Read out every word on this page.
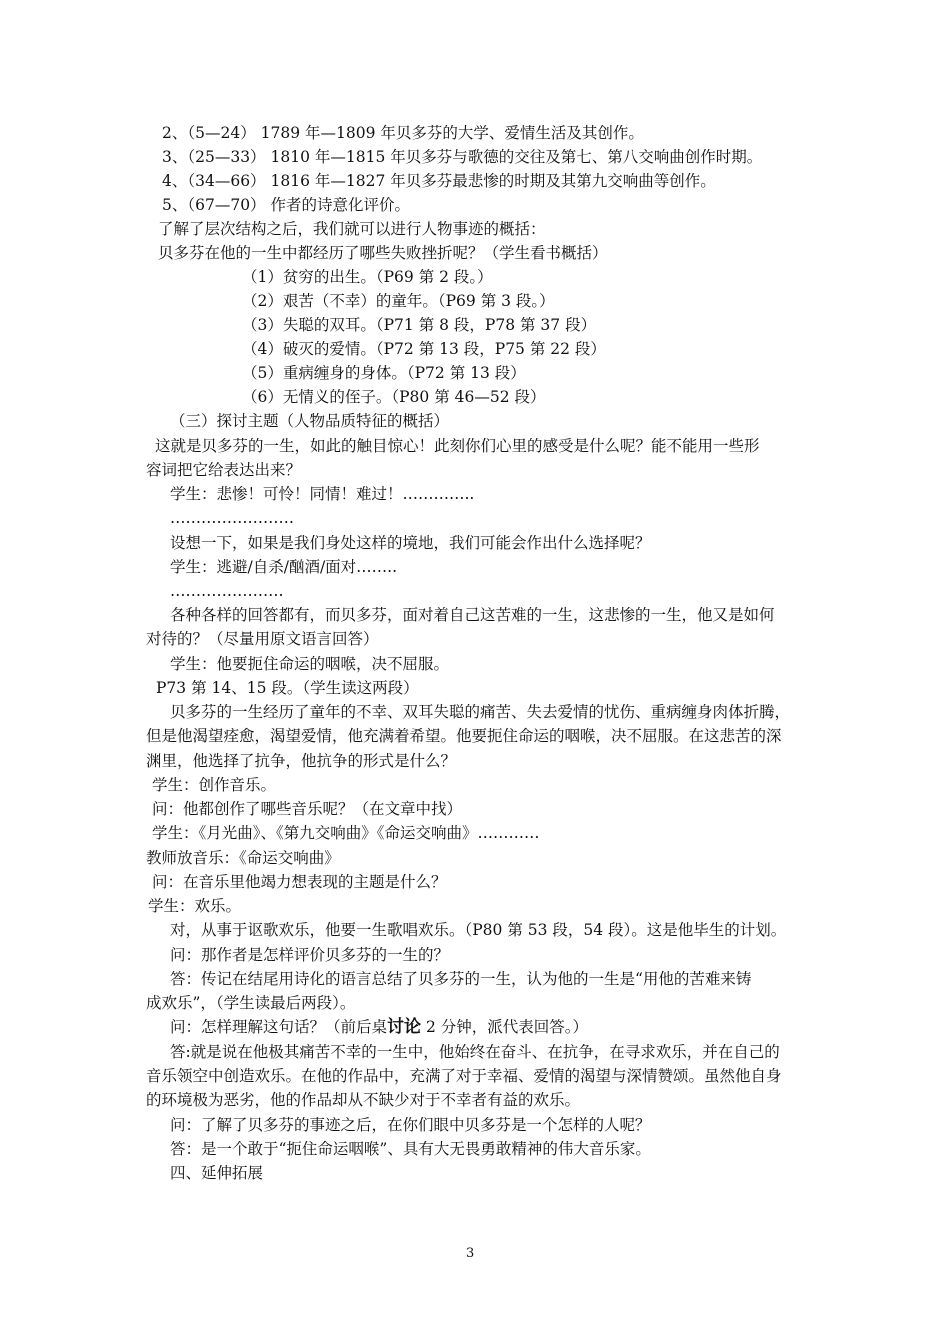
2、（5—24） 1789 年—1809 年贝多芬的大学、爱情生活及其创作。
3、（25—33） 1810 年—1815 年贝多芬与歌德的交往及第七、第八交响曲创作时期。
4、（34—66） 1816 年—1827 年贝多芬最悲惨的时期及其第九交响曲等创作。
5、（67—70） 作者的诗意化评价。
了解了层次结构之后，我们就可以进行人物事迹的概括：
贝多芬在他的一生中都经历了哪些失败挫折呢？（学生看书概括）
（1）贫穷的出生。（P69 第 2 段。）
（2）艰苦（不幸）的童年。（P69 第 3 段。）
（3）失聪的双耳。（P71 第 8 段，P78 第 37 段）
（4）破灭的爱情。（P72 第 13 段，P75 第 22 段）
（5）重病缠身的身体。（P72 第 13 段）
（6）无情义的侄子。（P80 第 46—52 段）
（三）探讨主题（人物品质特征的概括）
这就是贝多芬的一生，如此的触目惊心！此刻你们心里的感受是什么呢？能不能用一些形
容词把它给表达出来？
学生：悲惨！可怜！同情！难过！…………..
……………………
设想一下，如果是我们身处这样的境地，我们可能会作出什么选择呢？
学生：逃避/自杀/酗酒/面对……..
………………….
各种各样的回答都有，而贝多芬，面对着自己这苦难的一生，这悲惨的一生，他又是如何
对待的？（尽量用原文语言回答）
学生：他要扼住命运的咽喉，决不屈服。
P73 第 14、15 段。（学生读这两段）
贝多芬的一生经历了童年的不幸、双耳失聪的痛苦、失去爱情的忧伤、重病缠身肉体折腾，
但是他渴望痊愈，渴望爱情，他充满着希望。他要扼住命运的咽喉，决不屈服。在这悲苦的深
渊里，他选择了抗争，他抗争的形式是什么？
学生：创作音乐。
问：他都创作了哪些音乐呢？（在文章中找）
学生：《月光曲》、《第九交响曲》《命运交响曲》…………
教师放音乐：《命运交响曲》
问：在音乐里他竭力想表现的主题是什么？
学生：欢乐。
对，从事于讴歌欢乐，他要一生歌唱欢乐。（P80 第 53 段，54 段）。这是他毕生的计划。
问：那作者是怎样评价贝多芬的一生的？
答：传记在结尾用诗化的语言总结了贝多芬的一生，认为他的一生是“用他的苦难来铸
成欢乐”，（学生读最后两段）。
问：怎样理解这句话？（前后桌讨论 2 分钟，派代表回答。）
答:就是说在他极其痛苦不幸的一生中，他始终在奋斗、在抗争，在寻求欢乐，并在自己的
音乐领空中创造欢乐。在他的作品中，充满了对于幸福、爱情的渴望与深情赞颂。虽然他自身
的环境极为恶劣，他的作品却从不缺少对于不幸者有益的欢乐。
问：了解了贝多芬的事迹之后，在你们眼中贝多芬是一个怎样的人呢？
答：是一个敢于“扼住命运咽喉”、具有大无畏勇敢精神的伟大音乐家。
四、延伸拓展
3
